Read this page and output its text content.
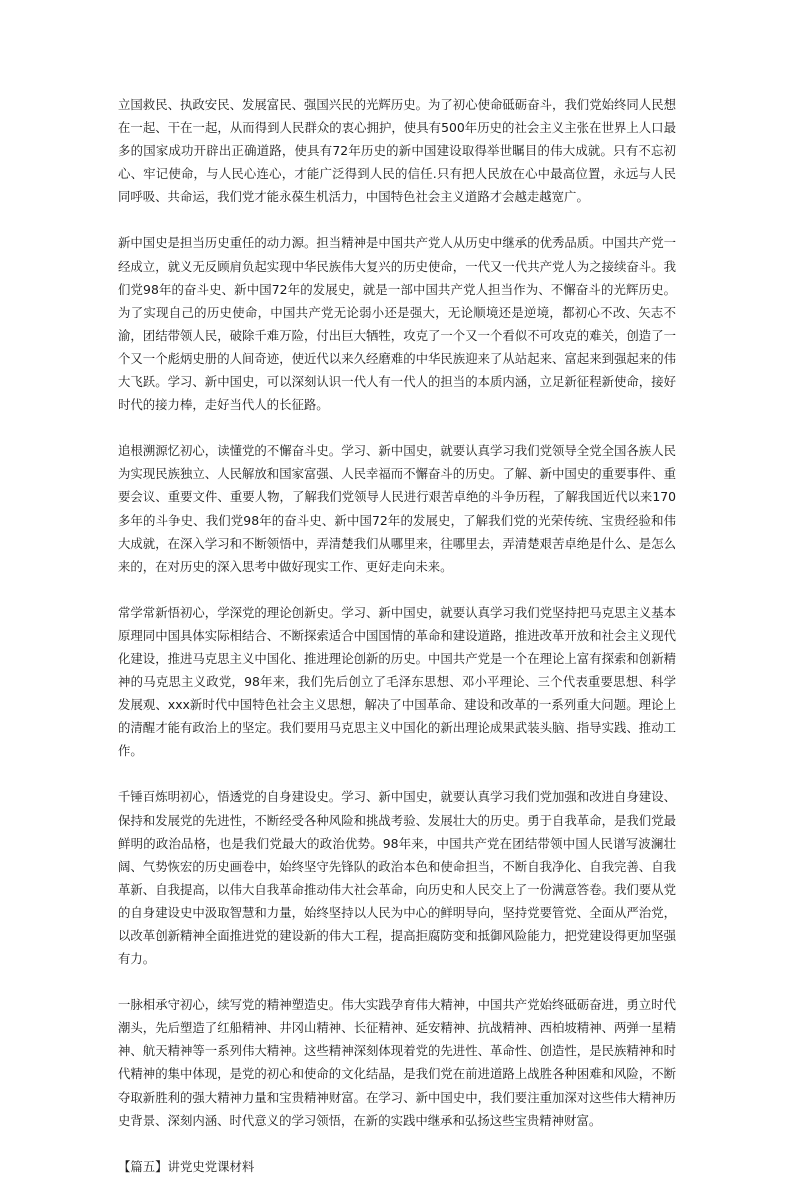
立国救民、执政安民、发展富民、强国兴民的光辉历史。为了初心使命砥砺奋斗，我们党始终同人民想在一起、干在一起，从而得到人民群众的衷心拥护，使具有500年历史的社会主义主张在世界上人口最多的国家成功开辟出正确道路，使具有72年历史的新中国建设取得举世瞩目的伟大成就。只有不忘初心、牢记使命，与人民心连心，才能广泛得到人民的信任.只有把人民放在心中最高位置，永远与人民同呼吸、共命运，我们党才能永葆生机活力，中国特色社会主义道路才会越走越宽广。

新中国史是担当历史重任的动力源。担当精神是中国共产党人从历史中继承的优秀品质。中国共产党一经成立，就义无反顾肩负起实现中华民族伟大复兴的历史使命，一代又一代共产党人为之接续奋斗。我们党98年的奋斗史、新中国72年的发展史，就是一部中国共产党人担当作为、不懈奋斗的光辉历史。为了实现自己的历史使命，中国共产党无论弱小还是强大，无论顺境还是逆境，都初心不改、矢志不渝，团结带领人民，破除千难万险，付出巨大牺牲，攻克了一个又一个看似不可攻克的难关，创造了一个又一个彪炳史册的人间奇迹，使近代以来久经磨难的中华民族迎来了从站起来、富起来到强起来的伟大飞跃。学习、新中国史，可以深刻认识一代人有一代人的担当的本质内涵，立足新征程新使命，接好时代的接力棒，走好当代人的长征路。

追根溯源忆初心，读懂党的不懈奋斗史。学习、新中国史，就要认真学习我们党领导全党全国各族人民为实现民族独立、人民解放和国家富强、人民幸福而不懈奋斗的历史。了解、新中国史的重要事件、重要会议、重要文件、重要人物，了解我们党领导人民进行艰苦卓绝的斗争历程，了解我国近代以来170多年的斗争史、我们党98年的奋斗史、新中国72年的发展史，了解我们党的光荣传统、宝贵经验和伟大成就，在深入学习和不断领悟中，弄清楚我们从哪里来，往哪里去，弄清楚艰苦卓绝是什么、是怎么来的，在对历史的深入思考中做好现实工作、更好走向未来。

常学常新悟初心，学深党的理论创新史。学习、新中国史，就要认真学习我们党坚持把马克思主义基本原理同中国具体实际相结合、不断探索适合中国国情的革命和建设道路，推进改革开放和社会主义现代化建设，推进马克思主义中国化、推进理论创新的历史。中国共产党是一个在理论上富有探索和创新精神的马克思主义政党，98年来，我们先后创立了毛泽东思想、邓小平理论、三个代表重要思想、科学发展观、xxx新时代中国特色社会主义思想，解决了中国革命、建设和改革的一系列重大问题。理论上的清醒才能有政治上的坚定。我们要用马克思主义中国化的新出理论成果武装头脑、指导实践、推动工作。

千锤百炼明初心，悟透党的自身建设史。学习、新中国史，就要认真学习我们党加强和改进自身建设、保持和发展党的先进性，不断经受各种风险和挑战考验、发展壮大的历史。勇于自我革命，是我们党最鲜明的政治品格，也是我们党最大的政治优势。98年来，中国共产党在团结带领中国人民谱写波澜壮阔、气势恢宏的历史画卷中，始终坚守先锋队的政治本色和使命担当，不断自我净化、自我完善、自我革新、自我提高，以伟大自我革命推动伟大社会革命，向历史和人民交上了一份满意答卷。我们要从党的自身建设史中汲取智慧和力量，始终坚持以人民为中心的鲜明导向，坚持党要管党、全面从严治党，以改革创新精神全面推进党的建设新的伟大工程，提高拒腐防变和抵御风险能力，把党建设得更加坚强有力。

一脉相承守初心，续写党的精神塑造史。伟大实践孕育伟大精神，中国共产党始终砥砺奋进，勇立时代潮头，先后塑造了红船精神、井冈山精神、长征精神、延安精神、抗战精神、西柏坡精神、两弹一星精神、航天精神等一系列伟大精神。这些精神深刻体现着党的先进性、革命性、创造性，是民族精神和时代精神的集中体现，是党的初心和使命的文化结晶，是我们党在前进道路上战胜各种困难和风险，不断夺取新胜利的强大精神力量和宝贵精神财富。在学习、新中国史中，我们要注重加深对这些伟大精神历史背景、深刻内涵、时代意义的学习领悟，在新的实践中继承和弘扬这些宝贵精神财富。

【篇五】讲党史党课材料
